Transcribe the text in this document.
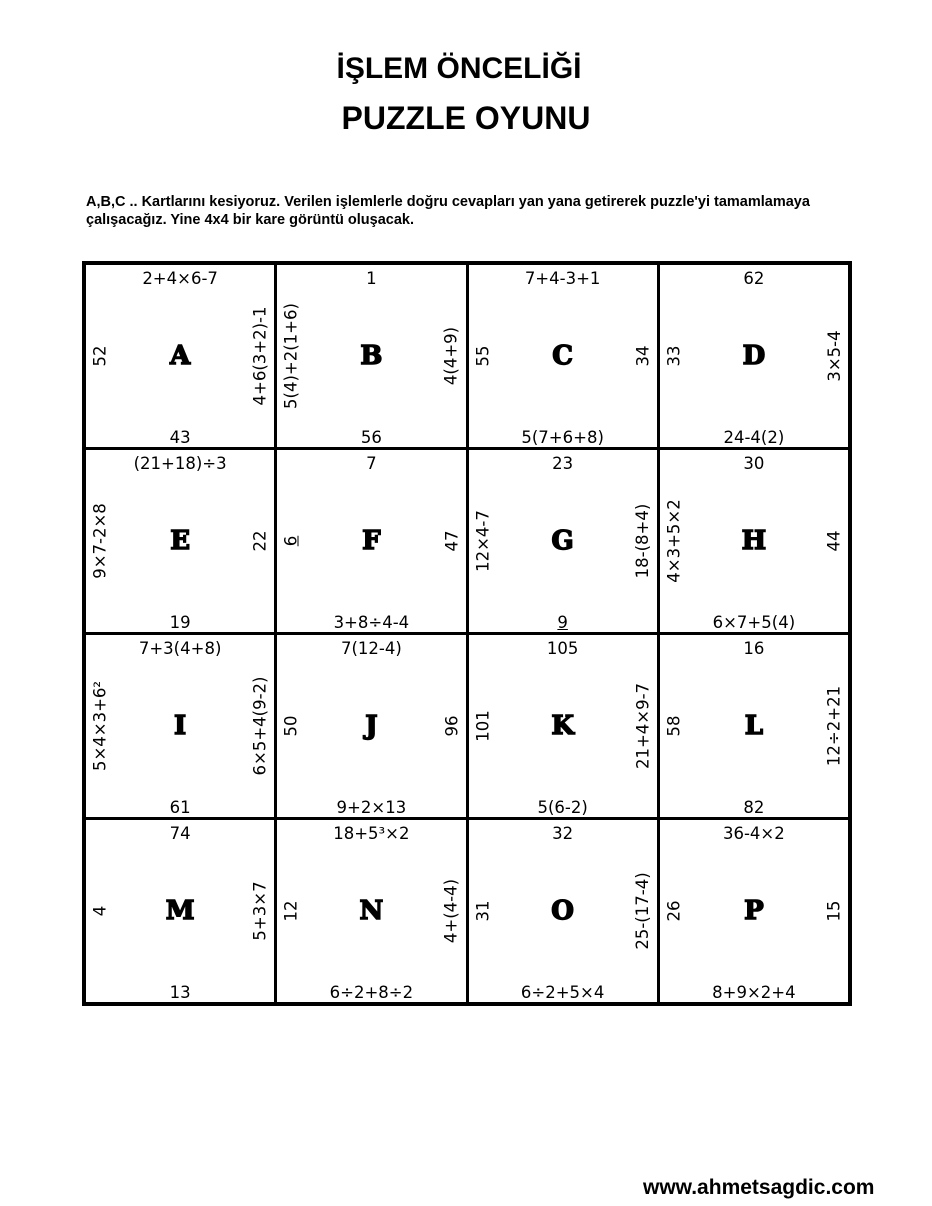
İŞLEM ÖNCELİĞİ
PUZZLE OYUNU
A,B,C .. Kartlarını kesiyoruz. Verilen işlemlerle doğru cevapları yan yana getirerek puzzle'yi tamamlamaya çalışacağız. Yine 4x4 bir kare görüntü oluşacak.
2+4×6-7
52 A	4+6(3+2)-1
43
1
5(4)+2(1+6) B	4(4+9)
56
7+4-3+1
55 C	34
5(7+6+8)
62
33 D	3×5-4
24-4(2)
(21+18)÷3
9×7-2×8 E	22
19
7
6 F	47
3+8÷4-4
23
12×4-7 G	18-(8+4)
9
30
4×3+5×2 H	44
6×7+5(4)
7+3(4+8)
5×4×3+6² I	6×5+4(9-2)
61
7(12-4)
50 J	96
9+2×13
105
101 K	21+4×9-7
5(6-2)
16
58 L	12÷2+21
82
74
4 M	5+3×7
13
18+5³×2
12 N	4+(4-4)
6÷2+8÷2
32
31 O	25-(17-4)
6÷2+5×4
36-4×2
26 P	15
8+9×2+4
www.ahmetsagdic.com
